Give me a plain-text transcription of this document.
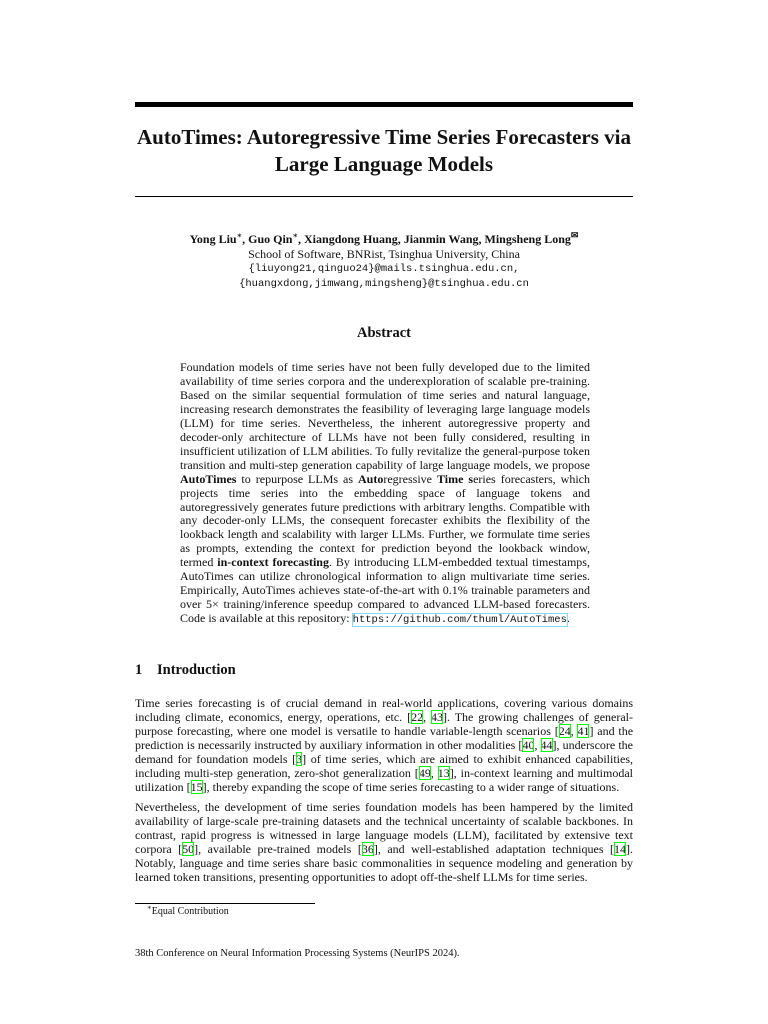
AutoTimes: Autoregressive Time Series Forecasters via
Large Language Models
Yong Liu∗, Guo Qin∗, Xiangdong Huang, Jianmin Wang, Mingsheng Long✉
School of Software, BNRist, Tsinghua University, China
{liuyong21,qinguo24}@mails.tsinghua.edu.cn,
{huangxdong,jimwang,mingsheng}@tsinghua.edu.cn
Abstract

Foundation models of time series have not been fully developed due to the limited availability of time series corpora and the underexploration of scalable pre-training. Based on the similar sequential formulation of time series and natural language, increasing research demonstrates the feasibility of leveraging large language models (LLM) for time series. Nevertheless, the inherent autoregressive property and decoder-only architecture of LLMs have not been fully considered, resulting in insufficient utilization of LLM abilities. To fully revitalize the general-purpose token transition and multi-step generation capability of large language models, we propose AutoTimes to repurpose LLMs as Autoregressive Time series forecasters, which projects time series into the embedding space of language tokens and autoregressively generates future predictions with arbitrary lengths. Compatible with any decoder-only LLMs, the consequent forecaster exhibits the flexibility of the lookback length and scalability with larger LLMs. Further, we formulate time series as prompts, extending the context for prediction beyond the lookback window, termed in-context forecasting. By introducing LLM-embedded textual timestamps, AutoTimes can utilize chronological information to align multivariate time series. Empirically, AutoTimes achieves state-of-the-art with 0.1% trainable parameters and over 5× training/inference speedup compared to advanced LLM-based forecasters. Code is available at this repository: https://github.com/thuml/AutoTimes.

1 Introduction

Time series forecasting is of crucial demand in real-world applications, covering various domains including climate, economics, energy, operations, etc. [22, 43]. The growing challenges of general-purpose forecasting, where one model is versatile to handle variable-length scenarios [24, 41] and the prediction is necessarily instructed by auxiliary information in other modalities [40, 44], underscore the demand for foundation models [3] of time series, which are aimed to exhibit enhanced capabilities, including multi-step generation, zero-shot generalization [49, 13], in-context learning and multimodal utilization [15], thereby expanding the scope of time series forecasting to a wider range of situations.

Nevertheless, the development of time series foundation models has been hampered by the limited availability of large-scale pre-training datasets and the technical uncertainty of scalable backbones. In contrast, rapid progress is witnessed in large language models (LLM), facilitated by extensive text corpora [50], available pre-trained models [36], and well-established adaptation techniques [14]. Notably, language and time series share basic commonalities in sequence modeling and generation by learned token transitions, presenting opportunities to adopt off-the-shelf LLMs for time series.

∗Equal Contribution
38th Conference on Neural Information Processing Systems (NeurIPS 2024).
